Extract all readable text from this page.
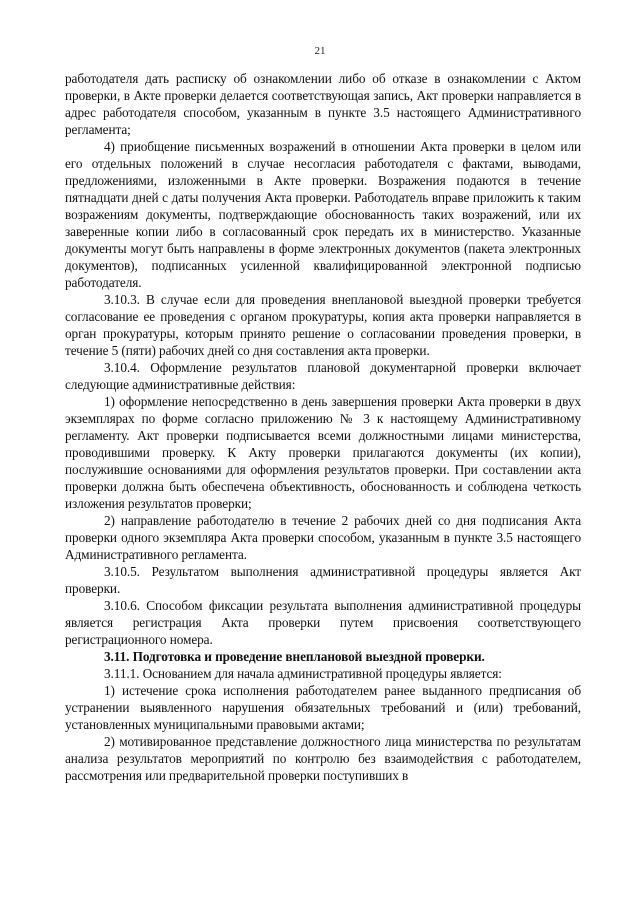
21

работодателя дать расписку об ознакомлении либо об отказе в ознакомлении с Актом проверки, в Акте проверки делается соответствующая запись, Акт проверки направляется в адрес работодателя способом, указанным в пункте 3.5 настоящего Административного регламента;

4) приобщение письменных возражений в отношении Акта проверки в целом или его отдельных положений в случае несогласия работодателя с фактами, выводами, предложениями, изложенными в Акте проверки. Возражения подаются в течение пятнадцати дней с даты получения Акта проверки. Работодатель вправе приложить к таким возражениям документы, подтверждающие обоснованность таких возражений, или их заверенные копии либо в согласованный срок передать их в министерство. Указанные документы могут быть направлены в форме электронных документов (пакета электронных документов), подписанных усиленной квалифицированной электронной подписью работодателя.

3.10.3. В случае если для проведения внеплановой выездной проверки требуется согласование ее проведения с органом прокуратуры, копия акта проверки направляется в орган прокуратуры, которым принято решение о согласовании проведения проверки, в течение 5 (пяти) рабочих дней со дня составления акта проверки.

3.10.4. Оформление результатов плановой документарной проверки включает следующие административные действия:

1) оформление непосредственно в день завершения проверки Акта проверки в двух экземплярах по форме согласно приложению № 3 к настоящему Административному регламенту. Акт проверки подписывается всеми должностными лицами министерства, проводившими проверку. К Акту проверки прилагаются документы (их копии), послужившие основаниями для оформления результатов проверки. При составлении акта проверки должна быть обеспечена объективность, обоснованность и соблюдена четкость изложения результатов проверки;

2) направление работодателю в течение 2 рабочих дней со дня подписания Акта проверки одного экземпляра Акта проверки способом, указанным в пункте 3.5 настоящего Административного регламента.

3.10.5. Результатом выполнения административной процедуры является Акт проверки.

3.10.6. Способом фиксации результата выполнения административной процедуры является регистрация Акта проверки путем присвоения соответствующего регистрационного номера.

3.11. Подготовка и проведение внеплановой выездной проверки.

3.11.1. Основанием для начала административной процедуры является:

1) истечение срока исполнения работодателем ранее выданного предписания об устранении выявленного нарушения обязательных требований и (или) требований, установленных муниципальными правовыми актами;

2) мотивированное представление должностного лица министерства по результатам анализа результатов мероприятий по контролю без взаимодействия с работодателем, рассмотрения или предварительной проверки поступивших в
